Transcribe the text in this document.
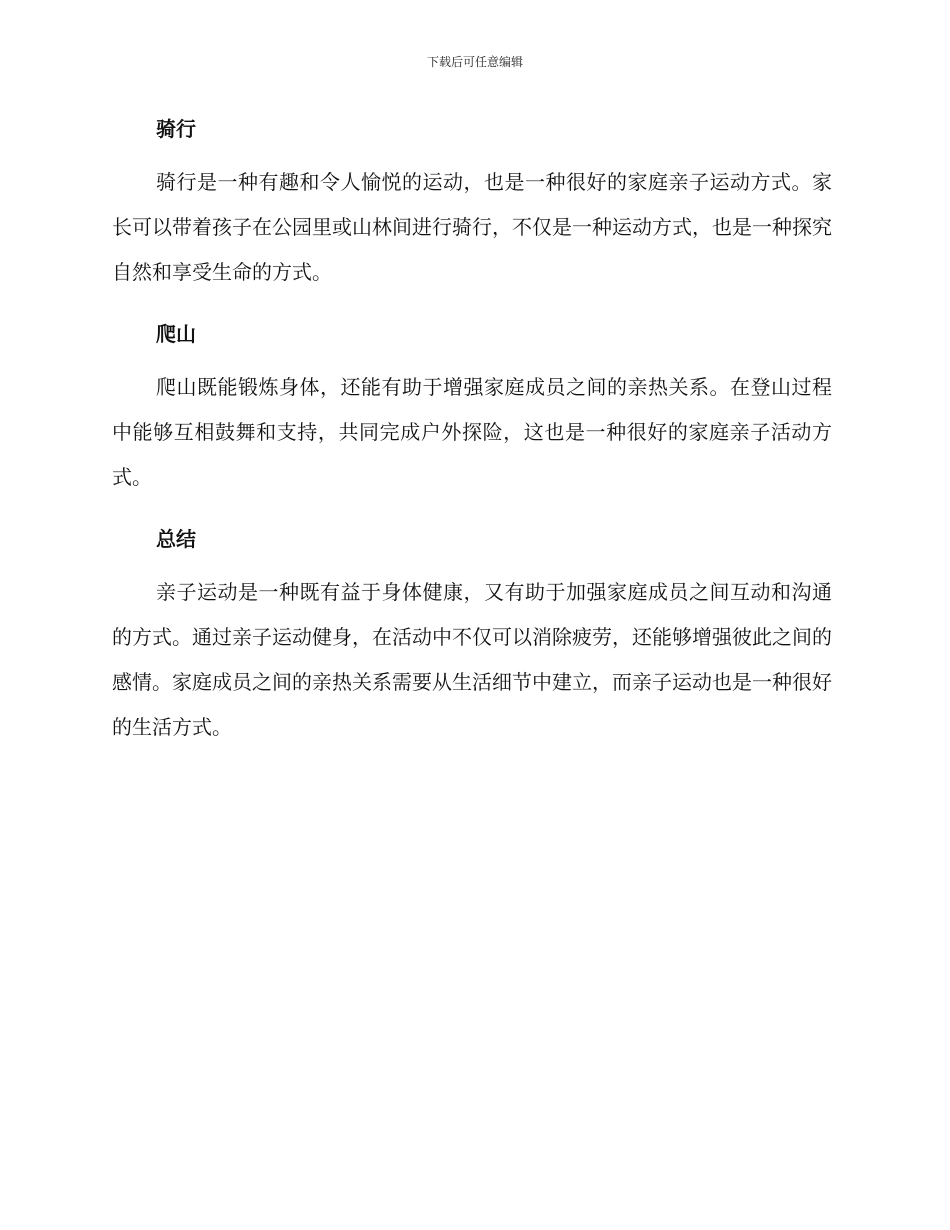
下载后可任意编辑
骑行

骑行是一种有趣和令人愉悦的运动，也是一种很好的家庭亲子运动方式。家长可以带着孩子在公园里或山林间进行骑行，不仅是一种运动方式，也是一种探究自然和享受生命的方式。

爬山

爬山既能锻炼身体，还能有助于增强家庭成员之间的亲热关系。在登山过程中能够互相鼓舞和支持，共同完成户外探险，这也是一种很好的家庭亲子活动方式。

总结

亲子运动是一种既有益于身体健康，又有助于加强家庭成员之间互动和沟通的方式。通过亲子运动健身，在活动中不仅可以消除疲劳，还能够增强彼此之间的感情。家庭成员之间的亲热关系需要从生活细节中建立，而亲子运动也是一种很好的生活方式。
